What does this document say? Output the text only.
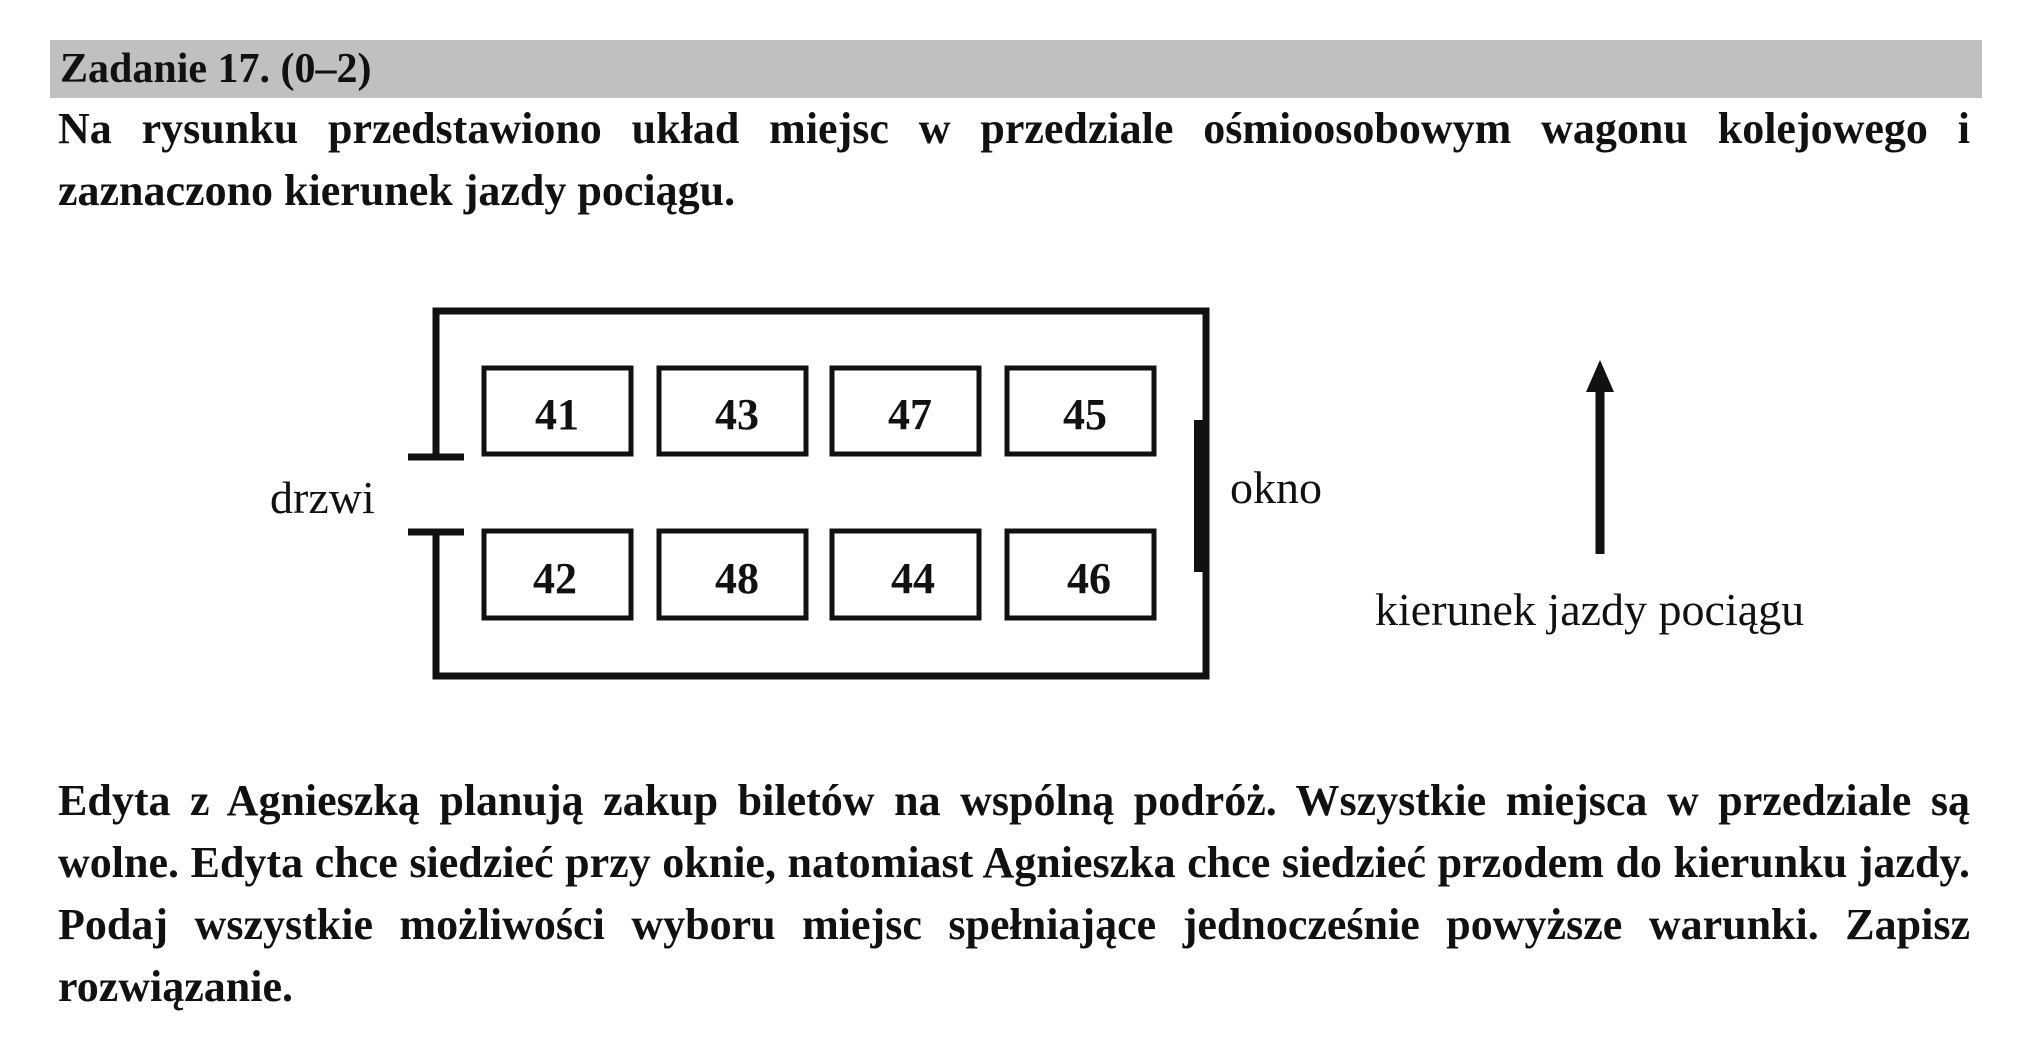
Zadanie 17. (0–2)

Na rysunku przedstawiono układ miejsc w przedziale ośmioosobowym wagonu kolejowego i zaznaczono kierunek jazdy pociągu.

41	43	47	45
42	48	44	46
drzwi	okno
kierunek jazdy pociągu

Edyta z Agnieszką planują zakup biletów na wspólną podróż. Wszystkie miejsca w przedziale są wolne. Edyta chce siedzieć przy oknie, natomiast Agnieszka chce siedzieć przodem do kierunku jazdy. Podaj wszystkie możliwości wyboru miejsc spełniające jednocześnie powyższe warunki. Zapisz rozwiązanie.
